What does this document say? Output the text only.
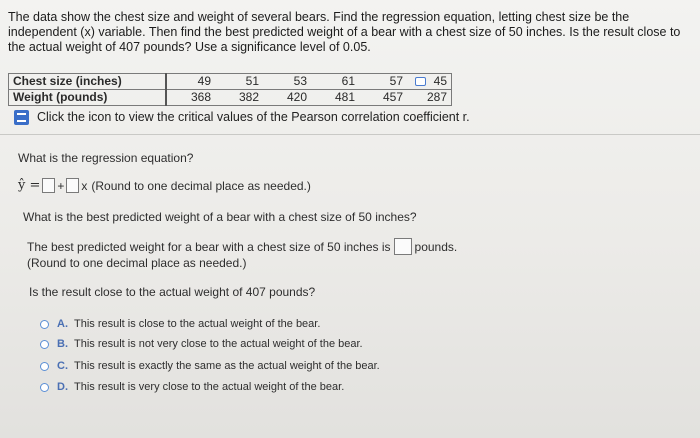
The data show the chest size and weight of several bears. Find the regression equation, letting chest size be the independent (x) variable. Then find the best predicted weight of a bear with a chest size of 50 inches. Is the result close to the actual weight of 407 pounds? Use a significance level of 0.05.
Chest size (inches)	49	51	53	61	57	45
Weight (pounds)	368	382	420	481	457	287
Click the icon to view the critical values of the Pearson correlation coefficient r.
What is the regression equation?
ŷ = + x (Round to one decimal place as needed.)
What is the best predicted weight of a bear with a chest size of 50 inches?
The best predicted weight for a bear with a chest size of 50 inches is pounds.
(Round to one decimal place as needed.)
Is the result close to the actual weight of 407 pounds?
A. This result is close to the actual weight of the bear.
B. This result is not very close to the actual weight of the bear.
C. This result is exactly the same as the actual weight of the bear.
D. This result is very close to the actual weight of the bear.
